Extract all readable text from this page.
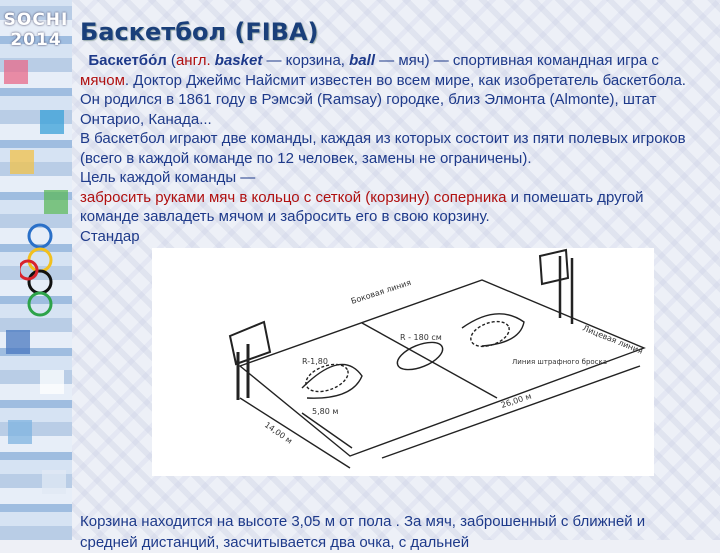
SOCHI
2014 Баскетбол (FIBA)

Баскетбо́л (англ. basket — корзина, ball — мяч) — спортивная командная игра с мячом. Доктор Джеймс Найсмит известен во всем мире, как изобретатель баскетбола. Он родился в 1861 году в Рэмсэй (Ramsay) городке, близ Элмонта (Almonte), штат Онтарио, Канада...

В баскетбол играют две команды, каждая из которых состоит из пяти полевых игроков (всего в каждой команде по 12 человек, замены не ограничены).

Цель каждой команды —

забросить руками мяч в кольцо с сеткой (корзину) соперника и помешать другой команде завладеть мячом и забросить его в свою корзину.

Стандар

Боковая линия
R-1,80
R - 180 см
Линия штрафного броска
Лицевая линия
5,80 м
14,00 м
26,00 м
Корзина находится на высоте 3,05 м от пола . За мяч, заброшенный с ближней и средней дистанций, засчитывается два очка, с дальней
